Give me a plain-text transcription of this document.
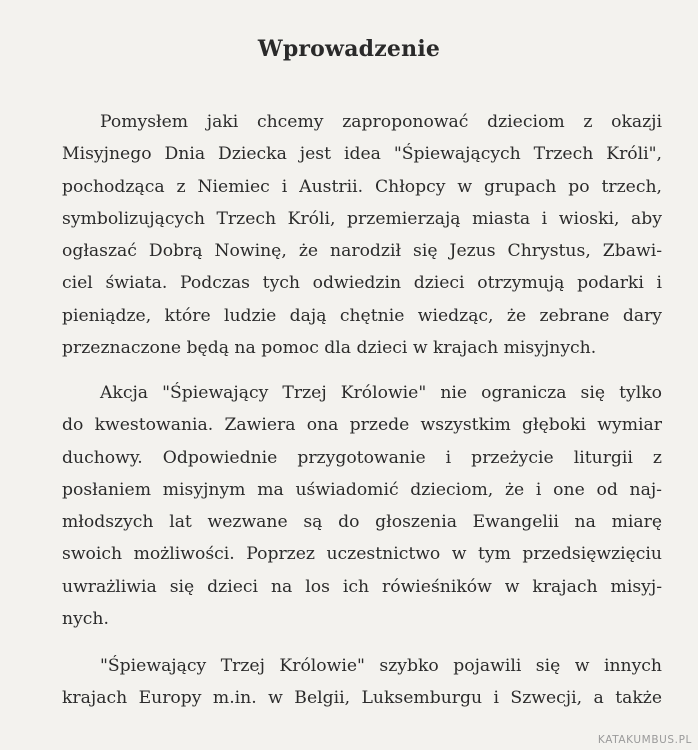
Wprowadzenie
Pomysłem jaki chcemy zaproponować dzieciom z okazji
Misyjnego Dnia Dziecka jest idea "Śpiewających Trzech Króli",
pochodząca z Niemiec i Austrii. Chłopcy w grupach po trzech,
symbolizujących Trzech Króli, przemierzają miasta i wioski, aby
ogłaszać Dobrą Nowinę, że narodził się Jezus Chrystus, Zbawi-
ciel świata. Podczas tych odwiedzin dzieci otrzymują podarki i
pieniądze, które ludzie dają chętnie wiedząc, że zebrane dary
przeznaczone będą na pomoc dla dzieci w krajach misyjnych.
Akcja "Śpiewający Trzej Królowie" nie ogranicza się tylko
do kwestowania. Zawiera ona przede wszystkim głęboki wymiar
duchowy. Odpowiednie przygotowanie i przeżycie liturgii z
posłaniem misyjnym ma uświadomić dzieciom, że i one od naj-
młodszych lat wezwane są do głoszenia Ewangelii na miarę
swoich możliwości. Poprzez uczestnictwo w tym przedsięwzięciu
uwrażliwia się dzieci na los ich rówieśników w krajach misyj-
nych.
"Śpiewający Trzej Królowie" szybko pojawili się w innych
krajach Europy m.in. w Belgii, Luksemburgu i Szwecji, a także
KATAKUMBUS.PL
